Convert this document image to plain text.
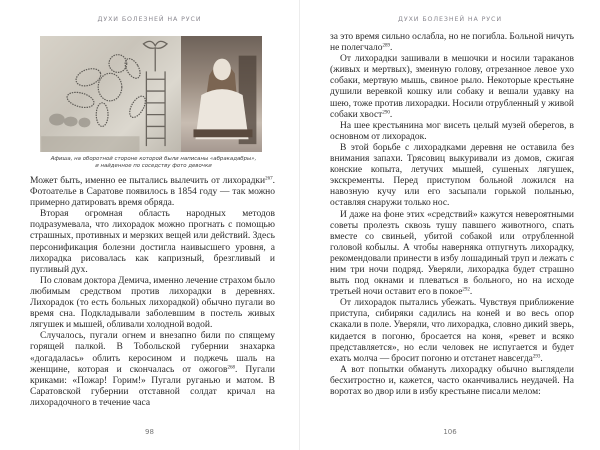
ДУХИ БОЛЕЗНЕЙ НА РУСИ
Афиша, на оборотной стороне которой были написаны «абракадабры»,
и найденное по соседству фото девочки

Может быть, именно ее пытались вылечить от лихорадки$^{267}$. Фотоателье в Саратове появилось в 1854 году — так можно примерно датировать время обряда.

Вторая огромная область народных методов подразумевала, что лихорадок можно прогнать с помощью страшных, противных и мерзких вещей или действий. Здесь персонификация болезни достигла наивысшего уровня, а лихорадка рисовалась как капризный, брезгливый и пугливый дух.

По словам доктора Демича, именно лечение страхом было любимым средством против лихорадки в деревнях. Лихорадок (то есть больных лихорадкой) обычно пугали во время сна. Подкладывали заболевшим в постель живых лягушек и мышей, обливали холодной водой.

Случалось, пугали огнем и внезапно били по спящему горящей палкой. В Тобольской губернии знахарка «догадалась» облить керосином и поджечь шаль на женщине, которая и скончалась от ожогов$^{268}$. Пугали криками: «Пожар! Горим!» Пугали руганью и матом. В Саратовской губернии отставной солдат кричал на лихорадочного в течение часа

98
ДУХИ БОЛЕЗНЕЙ НА РУСИ

за это время сильно ослабла, но не погибла. Больной ничуть не полегчало$^{289}$.

От лихорадки зашивали в мешочки и носили тараканов (живых и мертвых), змеиную голову, отрезанное левое ухо собаки, мертвую мышь, свиное рыло. Некоторые крестьяне душили веревкой кошку или собаку и вешали удавку на шею, тоже против лихорадки. Носили отрубленный у живой собаки хвост$^{290}$.

На шее крестьянина мог висеть целый музей оберегов, в основном от лихорадок.

В этой борьбе с лихорадками деревня не оставила без внимания запахи. Трясовиц выкуривали из домов, сжигая конские копыта, летучих мышей, сушеных лягушек, экскременты. Перед приступом больной ложился на навозную кучу или его засыпали горькой полынью, оставляя снаружи только нос.

И даже на фоне этих «средствий» кажутся невероятными советы пролезть сквозь тушу павшего животного, спать вместе со свиньей, убитой собакой или отрубленной головой кобылы. А чтобы наверняка отпугнуть лихорадку, рекомендовали принести в избу лошадиный труп и лежать с ним три ночи подряд. Уверяли, лихорадка будет страшно выть под окнами и плеваться в больного, но на исходе третьей ночи оставит его в покое$^{292}$.

От лихорадок пытались убежать. Чувствуя приближение приступа, сибиряки садились на коней и во весь опор скакали в поле. Уверяли, что лихорадка, словно дикий зверь, кидается в погоню, бросается на коня, «ревет и всяко представляется», но если человек не испугается и будет ехать молча — бросит погоню и отстанет навсегда$^{293}$.

А вот попытки обмануть лихорадку обычно выглядели бесхитростно и, кажется, часто оканчивались неудачей. На воротах во двор или в избу крестьяне писали мелом:

106
